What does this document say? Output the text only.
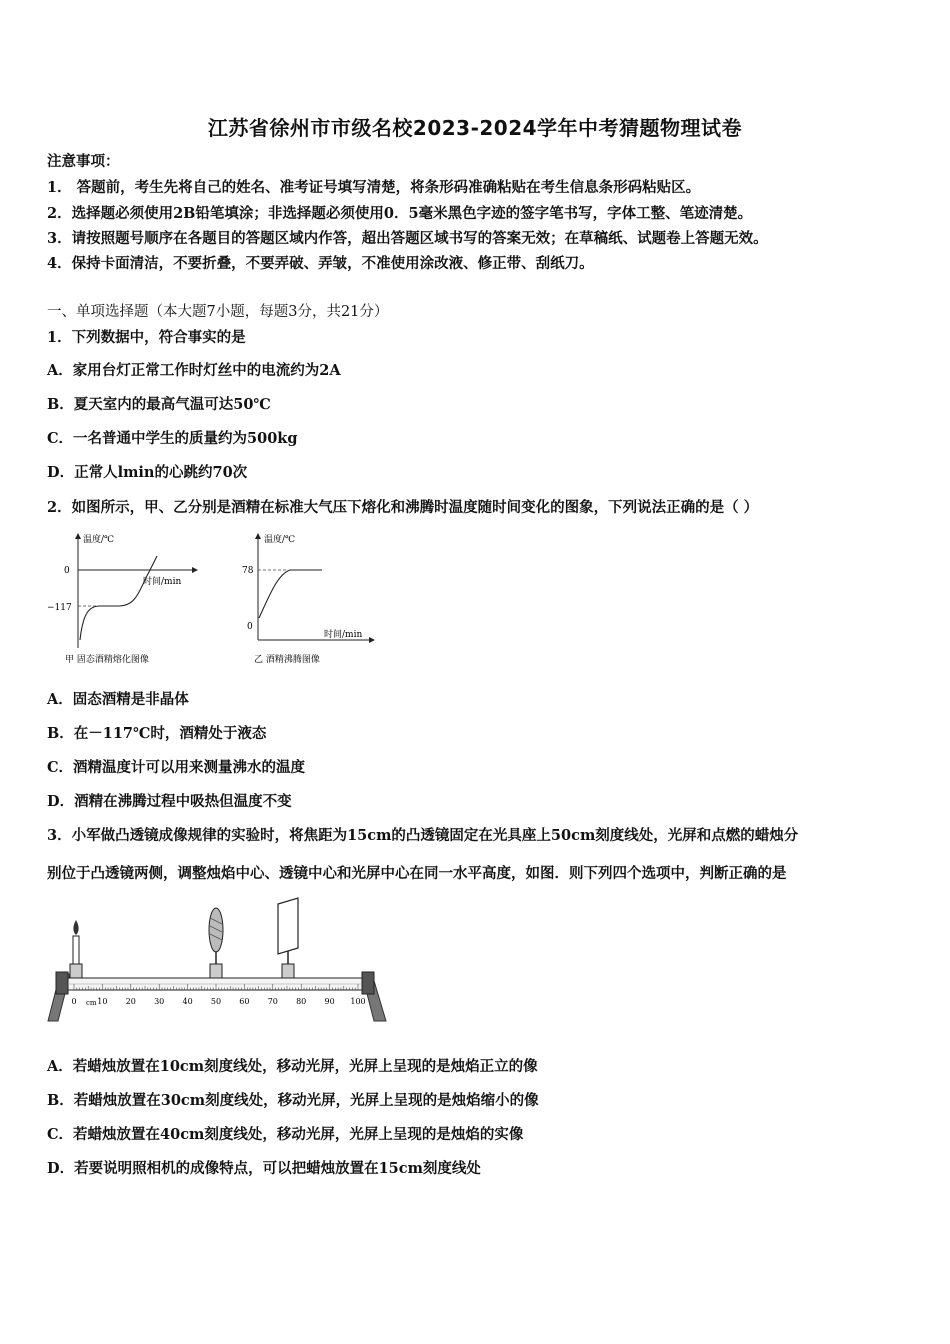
江苏省徐州市市级名校2023-2024学年中考猜题物理试卷
注意事项：
1． 答题前，考生先将自己的姓名、准考证号填写清楚，将条形码准确粘贴在考生信息条形码粘贴区。
2．选择题必须使用2B铅笔填涂；非选择题必须使用0．5毫米黑色字迹的签字笔书写，字体工整、笔迹清楚。
3．请按照题号顺序在各题目的答题区域内作答，超出答题区域书写的答案无效；在草稿纸、试题卷上答题无效。
4．保持卡面清洁，不要折叠，不要弄破、弄皱，不准使用涂改液、修正带、刮纸刀。
一、单项选择题（本大题7小题，每题3分，共21分）
1．下列数据中，符合事实的是
A．家用台灯正常工作时灯丝中的电流约为2A
B．夏天室内的最高气温可达50℃
C．一名普通中学生的质量约为500kg
D．正常人lmin的心跳约70次
2．如图所示，甲、乙分别是酒精在标准大气压下熔化和沸腾时温度随时间变化的图象，下列说法正确的是（ ）
温度/℃
时间/min
0
−117
甲 固态酒精熔化图像
温度/℃
时间/min
78
0
乙 酒精沸腾图像
A．固态酒精是非晶体
B．在－117℃时，酒精处于液态
C．酒精温度计可以用来测量沸水的温度
D．酒精在沸腾过程中吸热但温度不变
3．小军做凸透镜成像规律的实验时，将焦距为15cm的凸透镜固定在光具座上50cm刻度线处，光屏和点燃的蜡烛分
别位于凸透镜两侧，调整烛焰中心、透镜中心和光屏中心在同一水平高度，如图．则下列四个选项中，判断正确的是
0	10 20 30 40 50 60 70 80 90 100
cm
A．若蜡烛放置在10cm刻度线处，移动光屏，光屏上呈现的是烛焰正立的像
B．若蜡烛放置在30cm刻度线处，移动光屏，光屏上呈现的是烛焰缩小的像
C．若蜡烛放置在40cm刻度线处，移动光屏，光屏上呈现的是烛焰的实像
D．若要说明照相机的成像特点，可以把蜡烛放置在15cm刻度线处
